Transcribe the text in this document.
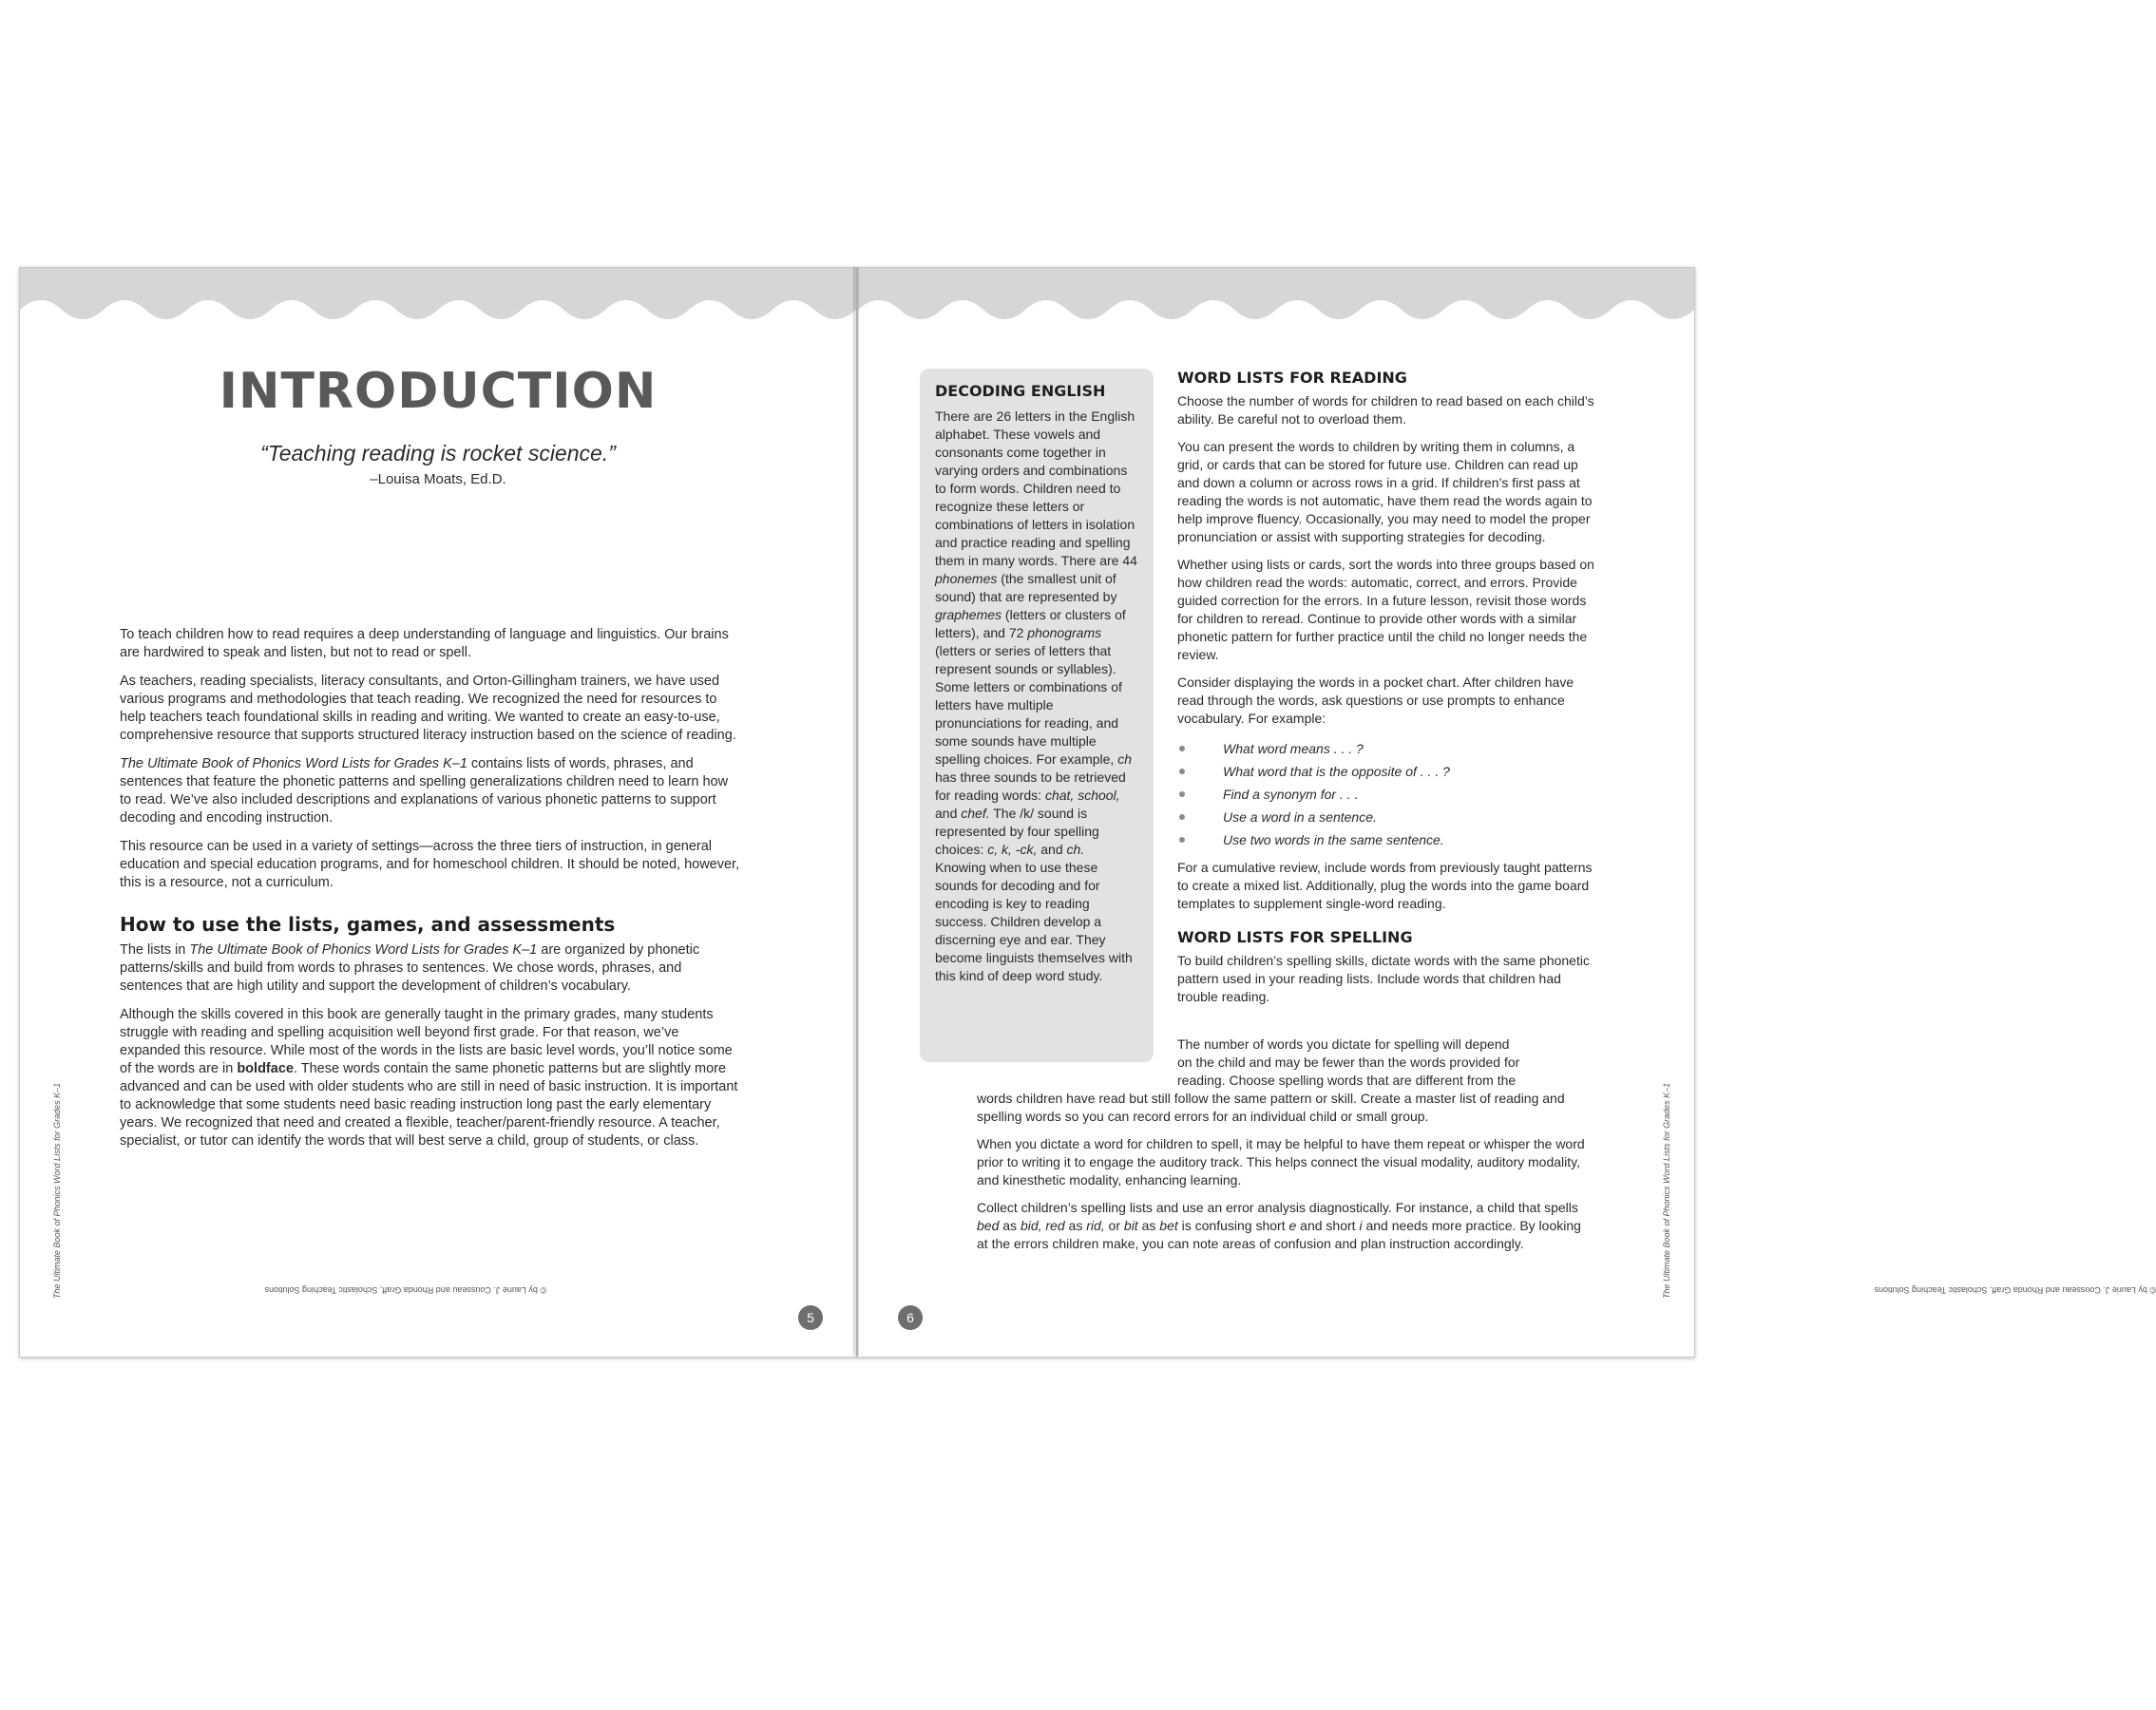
INTRODUCTION
“Teaching reading is rocket science.”
–Louisa Moats, Ed.D.

To teach children how to read requires a deep understanding of language and linguistics. Our brains are hardwired to speak and listen, but not to read or spell.

As teachers, reading specialists, literacy consultants, and Orton-Gillingham trainers, we have used various programs and methodologies that teach reading. We recognized the need for resources to help teachers teach foundational skills in reading and writing. We wanted to create an easy-to-use, comprehensive resource that supports structured literacy instruction based on the science of reading.

The Ultimate Book of Phonics Word Lists for Grades K–1 contains lists of words, phrases, and sentences that feature the phonetic patterns and spelling generalizations children need to learn how to read. We’ve also included descriptions and explanations of various phonetic patterns to support decoding and encoding instruction.

This resource can be used in a variety of settings—across the three tiers of instruction, in general education and special education programs, and for homeschool children. It should be noted, however, this is a resource, not a curriculum.

How to use the lists, games, and assessments

The lists in The Ultimate Book of Phonics Word Lists for Grades K–1 are organized by phonetic patterns/skills and build from words to phrases to sentences. We chose words, phrases, and sentences that are high utility and support the development of children’s vocabulary.

Although the skills covered in this book are generally taught in the primary grades, many students struggle with reading and spelling acquisition well beyond first grade. For that reason, we’ve expanded this resource. While most of the words in the lists are basic level words, you’ll notice some of the words are in boldface. These words contain the same phonetic patterns but are slightly more advanced and can be used with older students who are still in need of basic instruction. It is important to acknowledge that some students need basic reading instruction long past the early elementary years. We recognized that need and created a flexible, teacher/parent-friendly resource. A teacher, specialist, or tutor can identify the words that will best serve a child, group of students, or class.

The Ultimate Book of Phonics Word Lists for Grades K–1	© by Laurie J. Cousseau and Rhonda Graff, Scholastic Teaching Solutions
5
DECODING ENGLISH

There are 26 letters in the English alphabet. These vowels and consonants come together in varying orders and combinations to form words. Children need to recognize these letters or combinations of letters in isolation and practice reading and spelling them in many words. There are 44 phonemes (the smallest unit of sound) that are represented by graphemes (letters or clusters of letters), and 72 phonograms (letters or series of letters that represent sounds or syllables). Some letters or combinations of letters have multiple pronunciations for reading, and some sounds have multiple spelling choices. For example, ch has three sounds to be retrieved for reading words: chat, school, and chef. The /k/ sound is represented by four spelling choices: c, k, -ck, and ch. Knowing when to use these sounds for decoding and for encoding is key to reading success. Children develop a discerning eye and ear. They become linguists themselves with this kind of deep word study.

WORD LISTS FOR READING

Choose the number of words for children to read based on each child’s ability. Be careful not to overload them.

You can present the words to children by writing them in columns, a grid, or cards that can be stored for future use. Children can read up and down a column or across rows in a grid. If children’s first pass at reading the words is not automatic, have them read the words again to help improve fluency. Occasionally, you may need to model the proper pronunciation or assist with supporting strategies for decoding.

Whether using lists or cards, sort the words into three groups based on how children read the words: automatic, correct, and errors. Provide guided correction for the errors. In a future lesson, revisit those words for children to reread. Continue to provide other words with a similar phonetic pattern for further practice until the child no longer needs the review.

Consider displaying the words in a pocket chart. After children have read through the words, ask questions or use prompts to enhance vocabulary. For example:

What word means . . . ?
What word that is the opposite of . . . ?
Find a synonym for . . .
Use a word in a sentence.
Use two words in the same sentence.

For a cumulative review, include words from previously taught patterns to create a mixed list. Additionally, plug the words into the game board templates to supplement single-word reading.

WORD LISTS FOR SPELLING

To build children’s spelling skills, dictate words with the same phonetic pattern used in your reading lists. Include words that children had trouble reading.

The number of words you dictate for spelling will depend
on the child and may be fewer than the words provided for
reading. Choose spelling words that are different from the
words children have read but still follow the same pattern or skill. Create a master list of reading and spelling words so you can record errors for an individual child or small group.

When you dictate a word for children to spell, it may be helpful to have them repeat or whisper the word prior to writing it to engage the auditory track. This helps connect the visual modality, auditory modality, and kinesthetic modality, enhancing learning.

Collect children’s spelling lists and use an error analysis diagnostically. For instance, a child that spells bed as bid, red as rid, or bit as bet is confusing short e and short i and needs more practice. By looking at the errors children make, you can note areas of confusion and plan instruction accordingly.	The Ultimate Book of Phonics Word Lists for Grades K–1	© by Laurie J. Cousseau and Rhonda Graff, Scholastic Teaching Solutions
6
